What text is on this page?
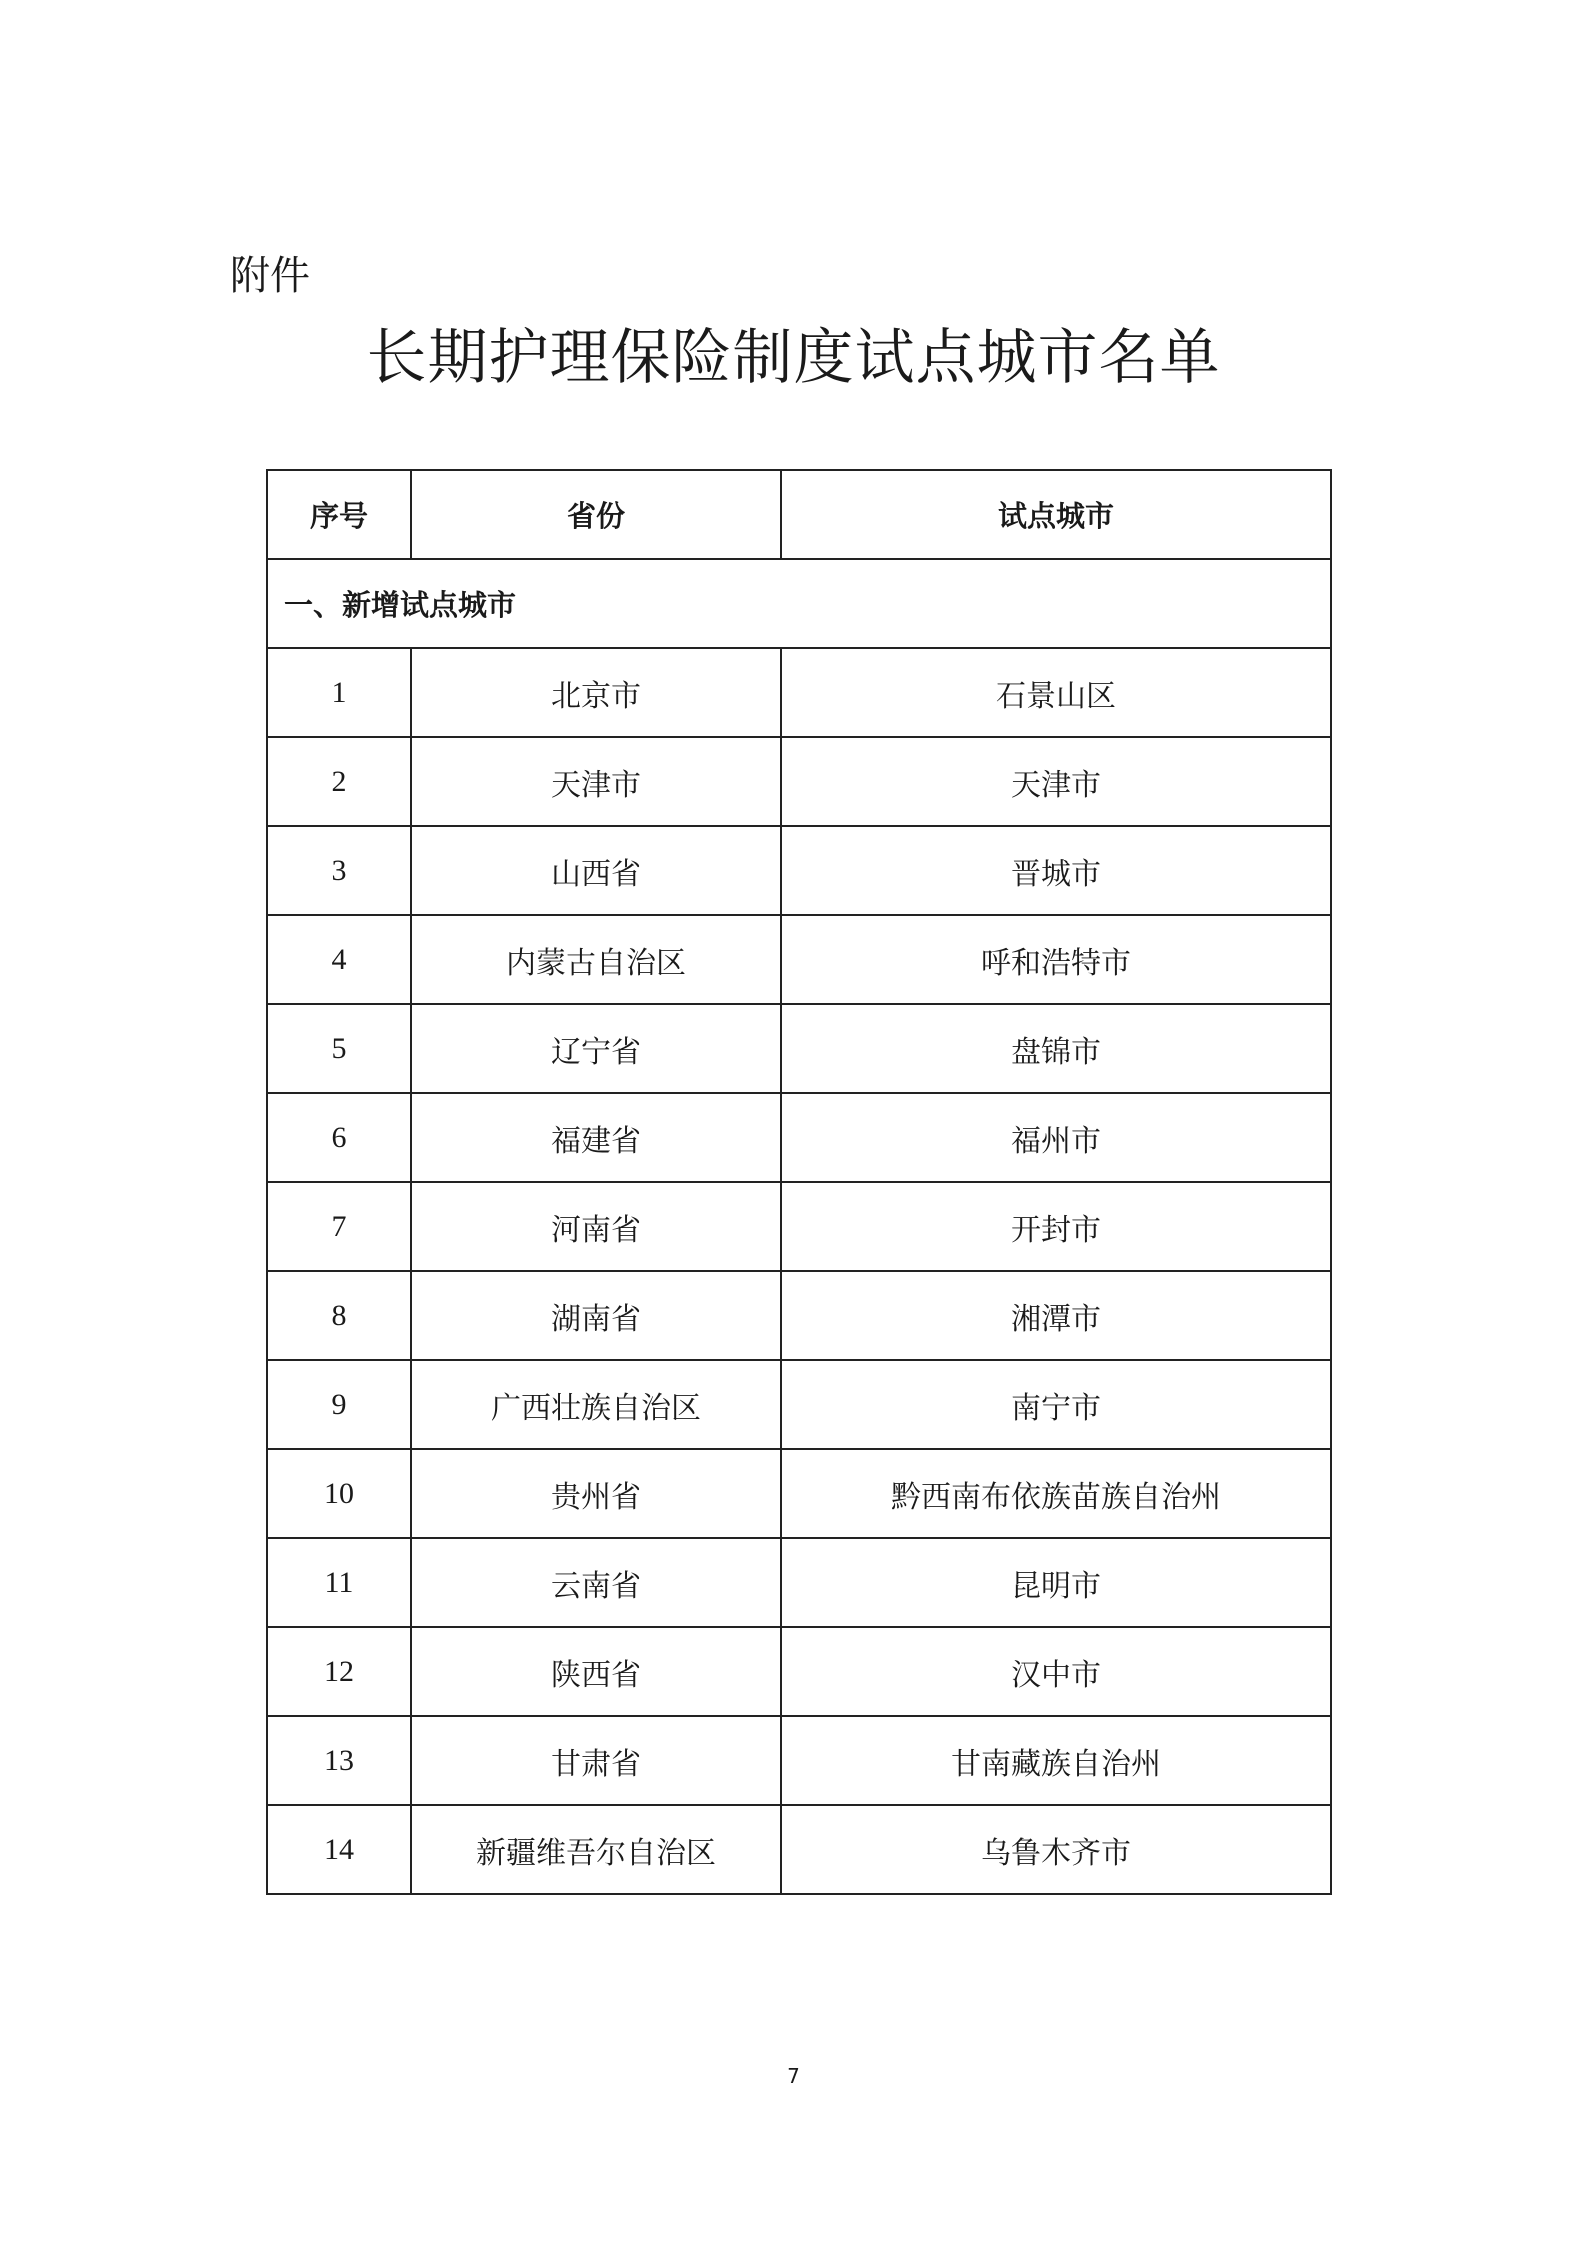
附件
长期护理保险制度试点城市名单
序号	省份	试点城市
一、新增试点城市		
1	北京市	石景山区
2	天津市	天津市
3	山西省	晋城市
4	内蒙古自治区	呼和浩特市
5	辽宁省	盘锦市
6	福建省	福州市
7	河南省	开封市
8	湖南省	湘潭市
9	广西壮族自治区	南宁市
10	贵州省	黔西南布依族苗族自治州
11	云南省	昆明市
12	陕西省	汉中市
13	甘肃省	甘南藏族自治州
14	新疆维吾尔自治区	乌鲁木齐市
7
